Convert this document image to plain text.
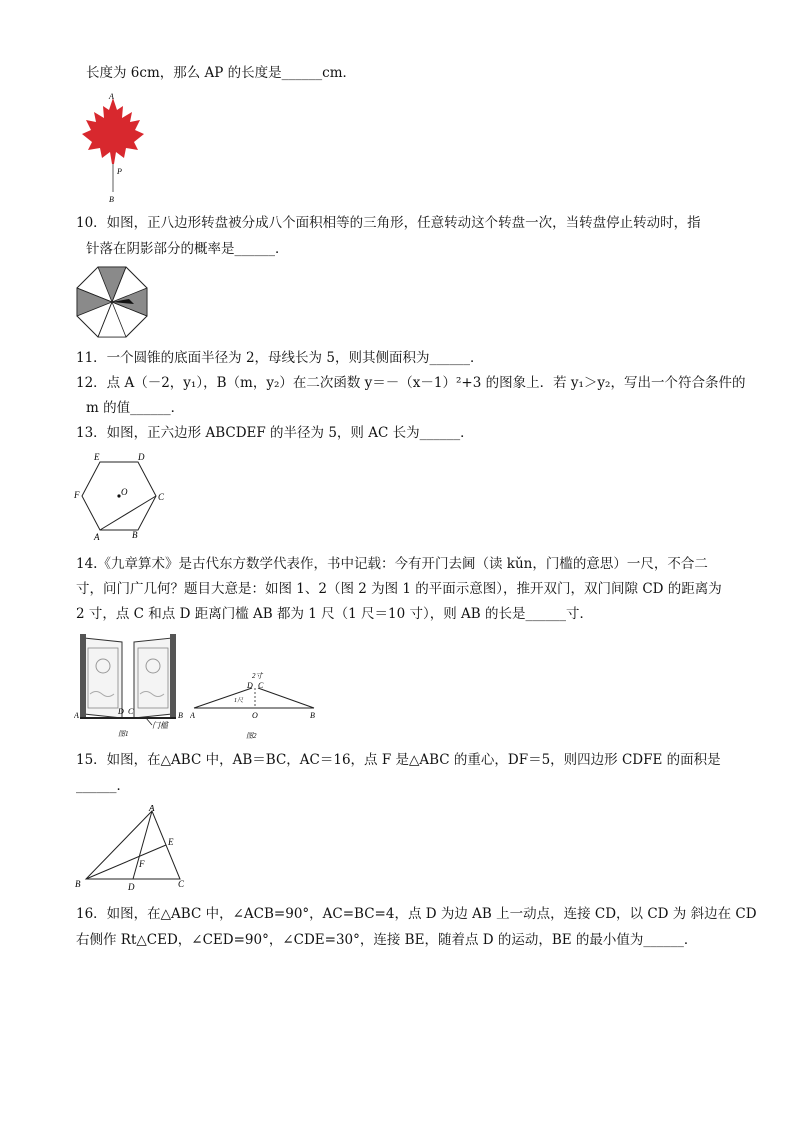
长度为 6cm，那么 AP 的长度是______cm．
A
P
B
10．如图，正八边形转盘被分成八个面积相等的三角形，任意转动这个转盘一次，当转盘停止转动时，指
针落在阴影部分的概率是______．
11．一个圆锥的底面半径为 2，母线长为 5，则其侧面积为______．
12．点 A（－2，y₁），B（m，y₂）在二次函数 y＝－（x－1）²+3 的图象上．若 y₁＞y₂，写出一个符合条件的
m 的值______．
13．如图，正六边形 ABCDEF 的半径为 5，则 AC 长为______．
E	D
F	C
A	B
O
14.《九章算术》是古代东方数学代表作，书中记载：今有开门去阃（读 kǔn，门槛的意思）一尺，不合二
寸，问门广几何？题目大意是：如图 1、2（图 2 为图 1 的平面示意图），推开双门，双门间隙 CD 的距离为
2 寸，点 C 和点 D 距离门槛 AB 都为 1 尺（1 尺＝10 寸），则 AB 的长是______寸．
A	D C	B
门槛
图1
2寸
D C
1尺
A	O	B
图2
15．如图，在△ABC 中，AB＝BC，AC＝16，点 F 是△ABC 的重心，DF＝5，则四边形 CDFE 的面积是
______．
A
B	C
D
E
F
16．如图，在△ABC 中，∠ACB=90°，AC=BC=4，点 D 为边 AB 上一动点，连接 CD，以 CD 为 斜边在 CD
右侧作 Rt△CED，∠CED=90°，∠CDE=30°，连接 BE，随着点 D 的运动，BE 的最小值为______．
